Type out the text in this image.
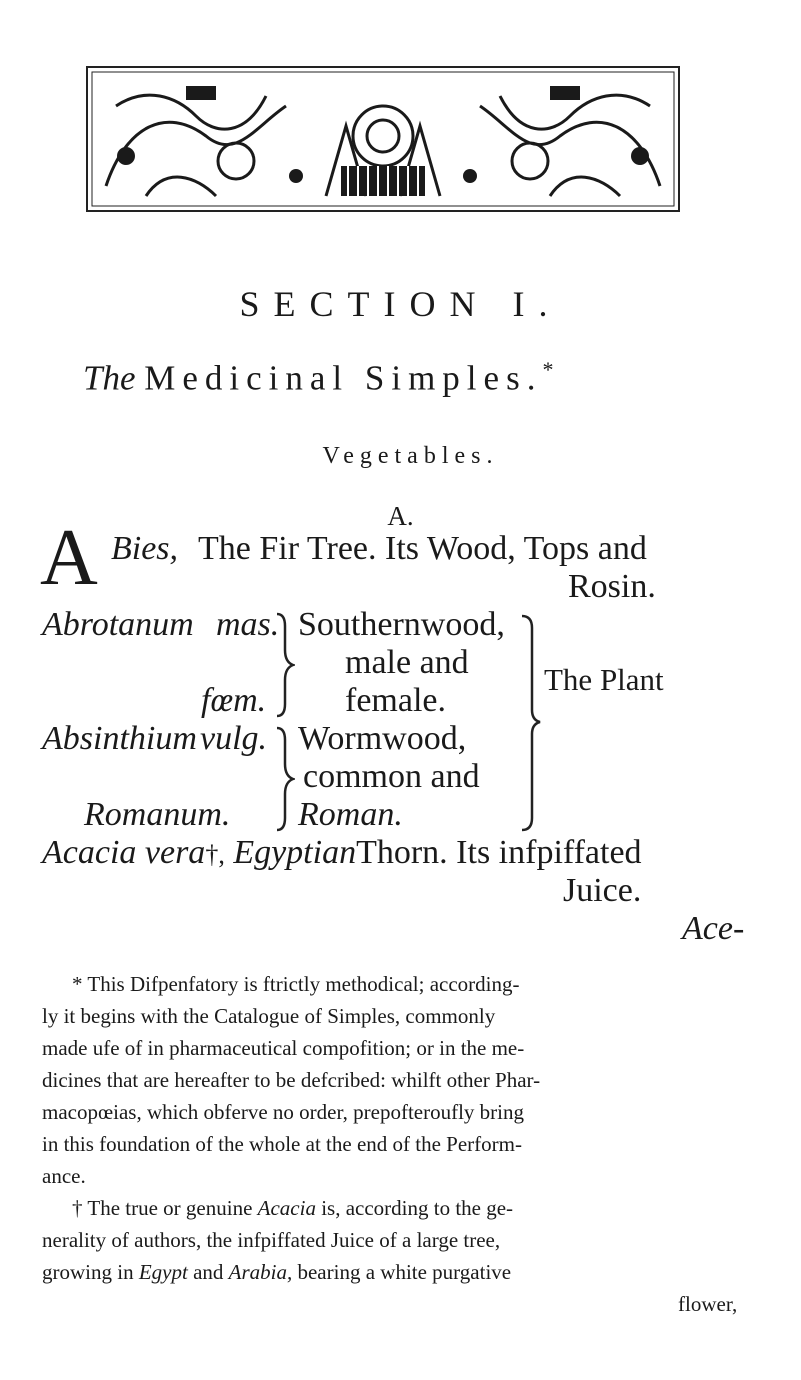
SECTION I.
The Medicinal Simples.*
Vegetables.
A.
A Bies, The Fir Tree. Its Wood, Tops and
Rosin.
Abrotanum mas.
fœm.
Southernwood,
male and
female.
Absinthium vulg.
Romanum.
Wormwood,
common and
Roman.
The Plant
Acacia vera†, EgyptianThorn. Its infpiffated
Juice.
Ace-
* This Difpenfatory is ftrictly methodical; according-
ly it begins with the Catalogue of Simples, commonly
made ufe of in pharmaceutical compofition; or in the me-
dicines that are hereafter to be defcribed: whilft other Phar-
macopœias, which obferve no order, prepofteroufly bring
in this foundation of the whole at the end of the Perform-
ance.
† The true or genuine Acacia is, according to the ge-
nerality of authors, the infpiffated Juice of a large tree,
growing in Egypt and Arabia, bearing a white purgative
flower,
